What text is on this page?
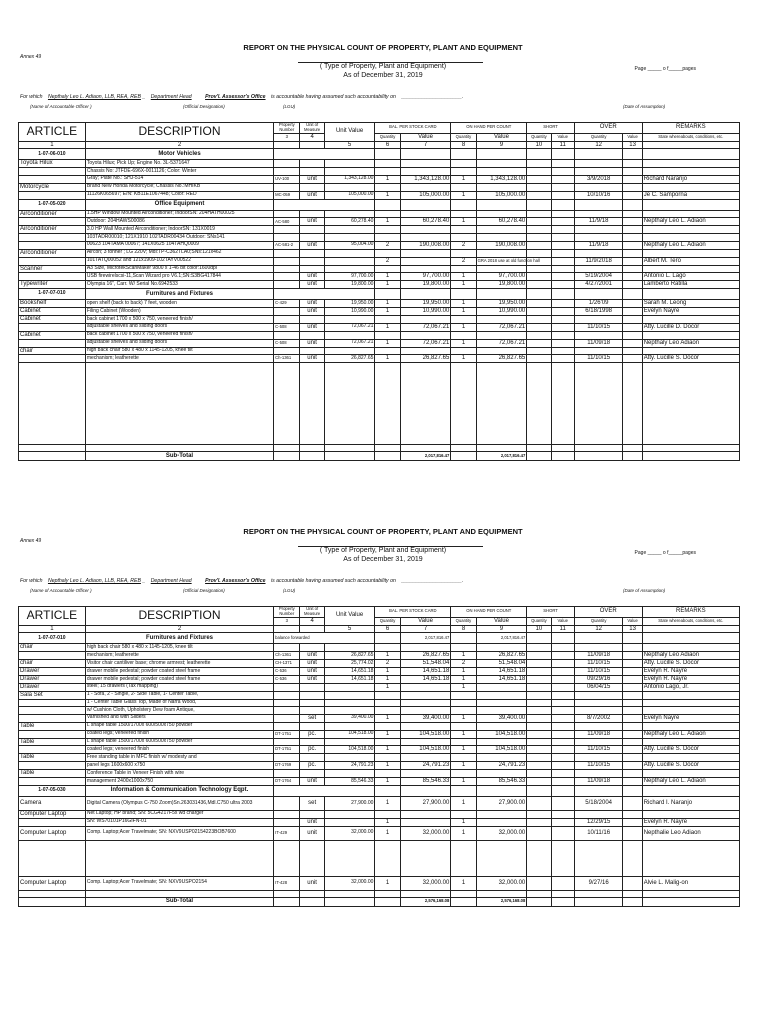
REPORT ON THE PHYSICAL COUNT OF PROPERTY, PLANT AND EQUIPMENT
Annex 49
( Type of Property, Plant and Equipment)
As of December 31, 2019
Page _____ o f_____pages
For which Nepthaly Leo L. Adiaon, LLB, REA, REB _ Department Head	Prov'l. Assessor's Office is accountable having assumed such accountability on _____________________.
(Name of Accountable Officer )	(Official Designation)	(LGU)	(Date of Assumption)
ARTICLE	DESCRIPTION	Property Number	Unit of Measure	Unit Value	BAL. PER STOCK CARD		ON HAND PER COUNT		SHORT		OVER		REMARKS
		3	4		Quantity	Value	Quantity	Value	Quantity	Value	Quantity	Value	State whereabouts, conditions, etc.
1	2			5	6	7	8	9	10	11	12	13	
1-07-06-010	Motor Vehicles												
Toyota Hilux	Toyota Hilux; Pick Up; Engine No. 3L-5371647												
	Chassis No: JTFDE-696X-0011126; Color: Winter												
	Gray; Plate No.: SHJ-514	UV-100	unit	1,343,128.00	1	1,343,128.00	1	1,343,128.00			3/9/2018		Richard Naranjo
Motorcycle	Brand New Honda Motorcycle; Chassis No.:MHIKB												
	11126K065697; E/N: KB11E1067448; Color: RED	MC-059	unit	105,000.00	1	105,000.00	1	105,000.00			10/10/16		Je C. Samporna
1-07-05-020	Office Equipment												
Airconditioner	1.5HP Window Mounted Airconditioner; IndoorSN: 204HATH00025												
	Outdoor: 204HAWS00086	AC-580	unit	60,278.40	1	60,278.40	1	60,278.40			11/9/18		Nepthaly Leo L. Adiaon
Airconditioner	3.0 HP Wall Mounted Airconditioner; IndoorSN: 131X0019												
	103TADR00010; 121X1910 102TADR00434 Outdoor: SNs141												
	00623 104TAMA 00067; 141X0625 104TAHQ0009	AC-581-2	unit	95,004.00	2	190,008.00	2	190,008.00			11/9/18		Nepthaly Leo L. Adiaon
Airconditioner	Aircon; 3 tonner ; LG 220V; Mdl:TP-C362TLA0;SNs:121x462												
	101TATQ00052 and 121x1909-102TAYV00522				2		2	GRA 2018 use at old function hall			11/9/2018		Albert M. Tero
Scanner	A3 Size, MicrotekScanMaker 9800 x 1-46 bit color:1600dpi												
	USB firewirelscsi-11,Scan Wizard pro V6.1;SN:S3BG417844		unit	97,700.00	1	97,700.00	1	97,700.00			5/19/2004		Antonio L. Lago
Typewriter	Olympia 16", Carr. W/ Serial No.6942533		unit	19,800.00	1	19,800.00	1	19,800.00			4/27/2001		Lamberto Ratilla
1-07-07-010	Furnitures and Fixtures												
Bookshelf	open shelf (back to back) 7 feet, wooden	C-429	unit	19,950.00	1	19,950.00	1	19,950.00			1/26'09		Sarah M. Leong
Cabinet	Filing Cabinet (Wooden)		unit	10,990.00	1	10,990.00	1	10,990.00			6/18/1998		Evelyn Nayre
Cabinet	back cabinet 1700 x 500 x 750, veneered finish/												
	adjustable shelves and sliding doors	C-508	unit	72,067.21	1	72,067.21	1	72,067.21			11/10/15		Atty. Lucille D. Docor
Cabinet	back cabinet 1700 x 500 x 750, veneered finish/												
	adjustable shelves and sliding doors	C-508	unit	72,067.21	1	72,067.21	1	72,067.21			11/09/18		Nepthaly Leo Adiaon
chair	high back chair 580 x 480 x 1145-1205, knee tilt												
	mechanism; leatherette	Ch-1361	unit	26,827.65	1	26,827.65	1	26,827.65			11/10/15		Atty. Lucille S. Docor

	Sub-Total					2,017,816.47		2,017,816.47					
REPORT ON THE PHYSICAL COUNT OF PROPERTY, PLANT AND EQUIPMENT
Annex 49
( Type of Property, Plant and Equipment)
As of December 31, 2019
Page _____ o f_____pages
For which Nepthaly Leo L. Adiaon, LLB, REA, REB _ Department Head	Prov'l. Assessor's Office is accountable having assumed such accountability on _____________________.
(Name of Accountable Officer )	(Official Designation)	(LGU)	(Date of Assumption)
ARTICLE	DESCRIPTION	Property Number	Unit of Measure	Unit Value	BAL. PER STOCK CARD		ON HAND PER COUNT		SHORT		OVER		REMARKS
		3	4		Quantity	Value	Quantity	Value	Quantity	Value	Quantity	Value	State whereabouts, conditions, etc.
1	2			5	6	7	8	9	10	11	12	13	
1-07-07-010	Furnitures and Fixtures	balance forwarded				2,017,816.47		2,017,816.47					
chair	high back chair 580 x 480 x 1145-1205, knee tilt												
	mechanism; leatherette	Ch-1361	unit	26,827.65	1	26,827.65	1	26,827.65			11/09/18		Nepthaly Leo Adiaon
chair	Visitor chair cantiliver base; chrome armrest; leatherette	CH-1371	unit	25,774.02	2	51,548.04	2	51,548.04			11/10/15		Atty. Lucille S. Docor
Drawer	drawer mobile pedestal; powder coated steel frame	C-536	unit	14,651.18	1	14,651.18	1	14,651.18			11/10/15		Evelyn R. Nayre
Drawer	drawer mobile pedestal; powder coated steel frame	C-536	unit	14,651.18	1	14,651.18	1	14,651.18			09/29/16		Evelyn R. Nayre
Drawer	steel; 15 drawers (Tax mapping)				1		1				06/04/15		Antonio Lago, Jr.
Sala Set	1 - Sofa, 2 - Single, 2- Side Table, 1- Center Table,												
	1 - Center Table Glass Top, Made of Narra Wood,												
	w/ Cushion Cloth, Upholstery Dew foam Antique,												
	Varnished and with Sliders		set	39,400.00	1	39,400.00	1	39,400.00			8/7/2002		Evelyn Nayre
Table	L shape table 1500/1700x 600/500x750 powder												
	coated legs; veneered finish	DT-1751	pc.	104,518.00	1	104,518.00	1	104,518.00			11/09/18		Nepthaly Leo L. Adiaon
Table	L shape table 1500/1700x 600/500x750 powder												
	coated legs; veneered finish	DT-1751	pc.	104,518.00	1	104,518.00	1	104,518.00			11/10/15		Atty. Lucille S. Docor
Table	Free standing table in MFC finish w/ modesty and												
	panel legs 1600x600 x750	DT-1769	pc.	24,791.23	1	24,791.23	1	24,791.23			11/10/15		Atty. Lucille S. Docor
Table	Conference Table in Veneer Finish with wire												
	management 2400x1000x750	DT-1764	unit	85,546.33	1	85,546.33	1	85,546.33			11/09/18		Nepthaly Leo L. Adiaon
1-07-05-030	Information & Communication Technology Eqpt.												
Camera	Digital Camera (Olympus C-750 Zoom)Sn.263031436,Mdl.C750 ultra 2003		set	27,900.00	1	27,900.00	1	27,900.00			5/18/2004		Richard I. Naranjo
Computer Laptop	Net Laptop; HP brand; SN: 5CG4217F5x wd charger												
	SN: WS70101P16GIFN-01		unit		1		1				12/29/15		Evelyn R. Nayre
Computer Laptop	Comp. Laptop;Acer Travelmate; SN: NXV9USP02154223BOB7600	IT-429	unit	32,000.00	1	32,000.00	1	32,000.00			10/11/16		Nepthalie Leo Adiaon

Computer Laptop	Comp. Laptop;Acer Travelmate; SN: NXV9USPO2154	IT-428	unit	32,000.00	1	32,000.00	1	32,000.00			9/27/16		Alvie L. Malig-on

	Sub-Total					2,576,168.08		2,576,168.08					
